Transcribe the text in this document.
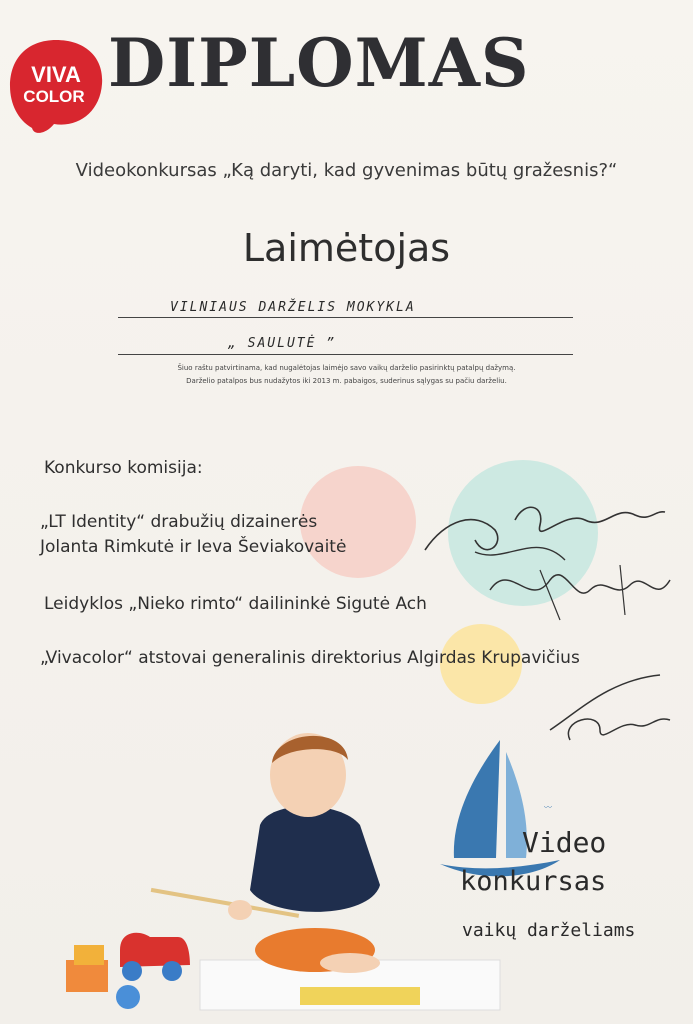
VIVA
COLOR DIPLOMAS
Videokonkursas „Ką daryti, kad gyvenimas būtų gražesnis?“
Laimėtojas
VILNIAUS DARŽELIS MOKYKLA
„ SAULUTĖ ”
Šiuo raštu patvirtinama, kad nugalėtojas laimėjo savo vaikų darželio pasirinktų patalpų dažymą.
Darželio patalpos bus nudažytos iki 2013 m. pabaigos, suderinus sąlygas su pačiu darželiu.
Konkurso komisija:
„LT Identity“ drabužių dizainerės
Jolanta Rimkutė ir Ieva Ševiakovaitė
Leidyklos „Nieko rimto“ dailininkė Sigutė Ach
„Vivacolor“ atstovai generalinis direktorius Algirdas Krupavičius
〰
Video
konkursas
vaikų darželiams
